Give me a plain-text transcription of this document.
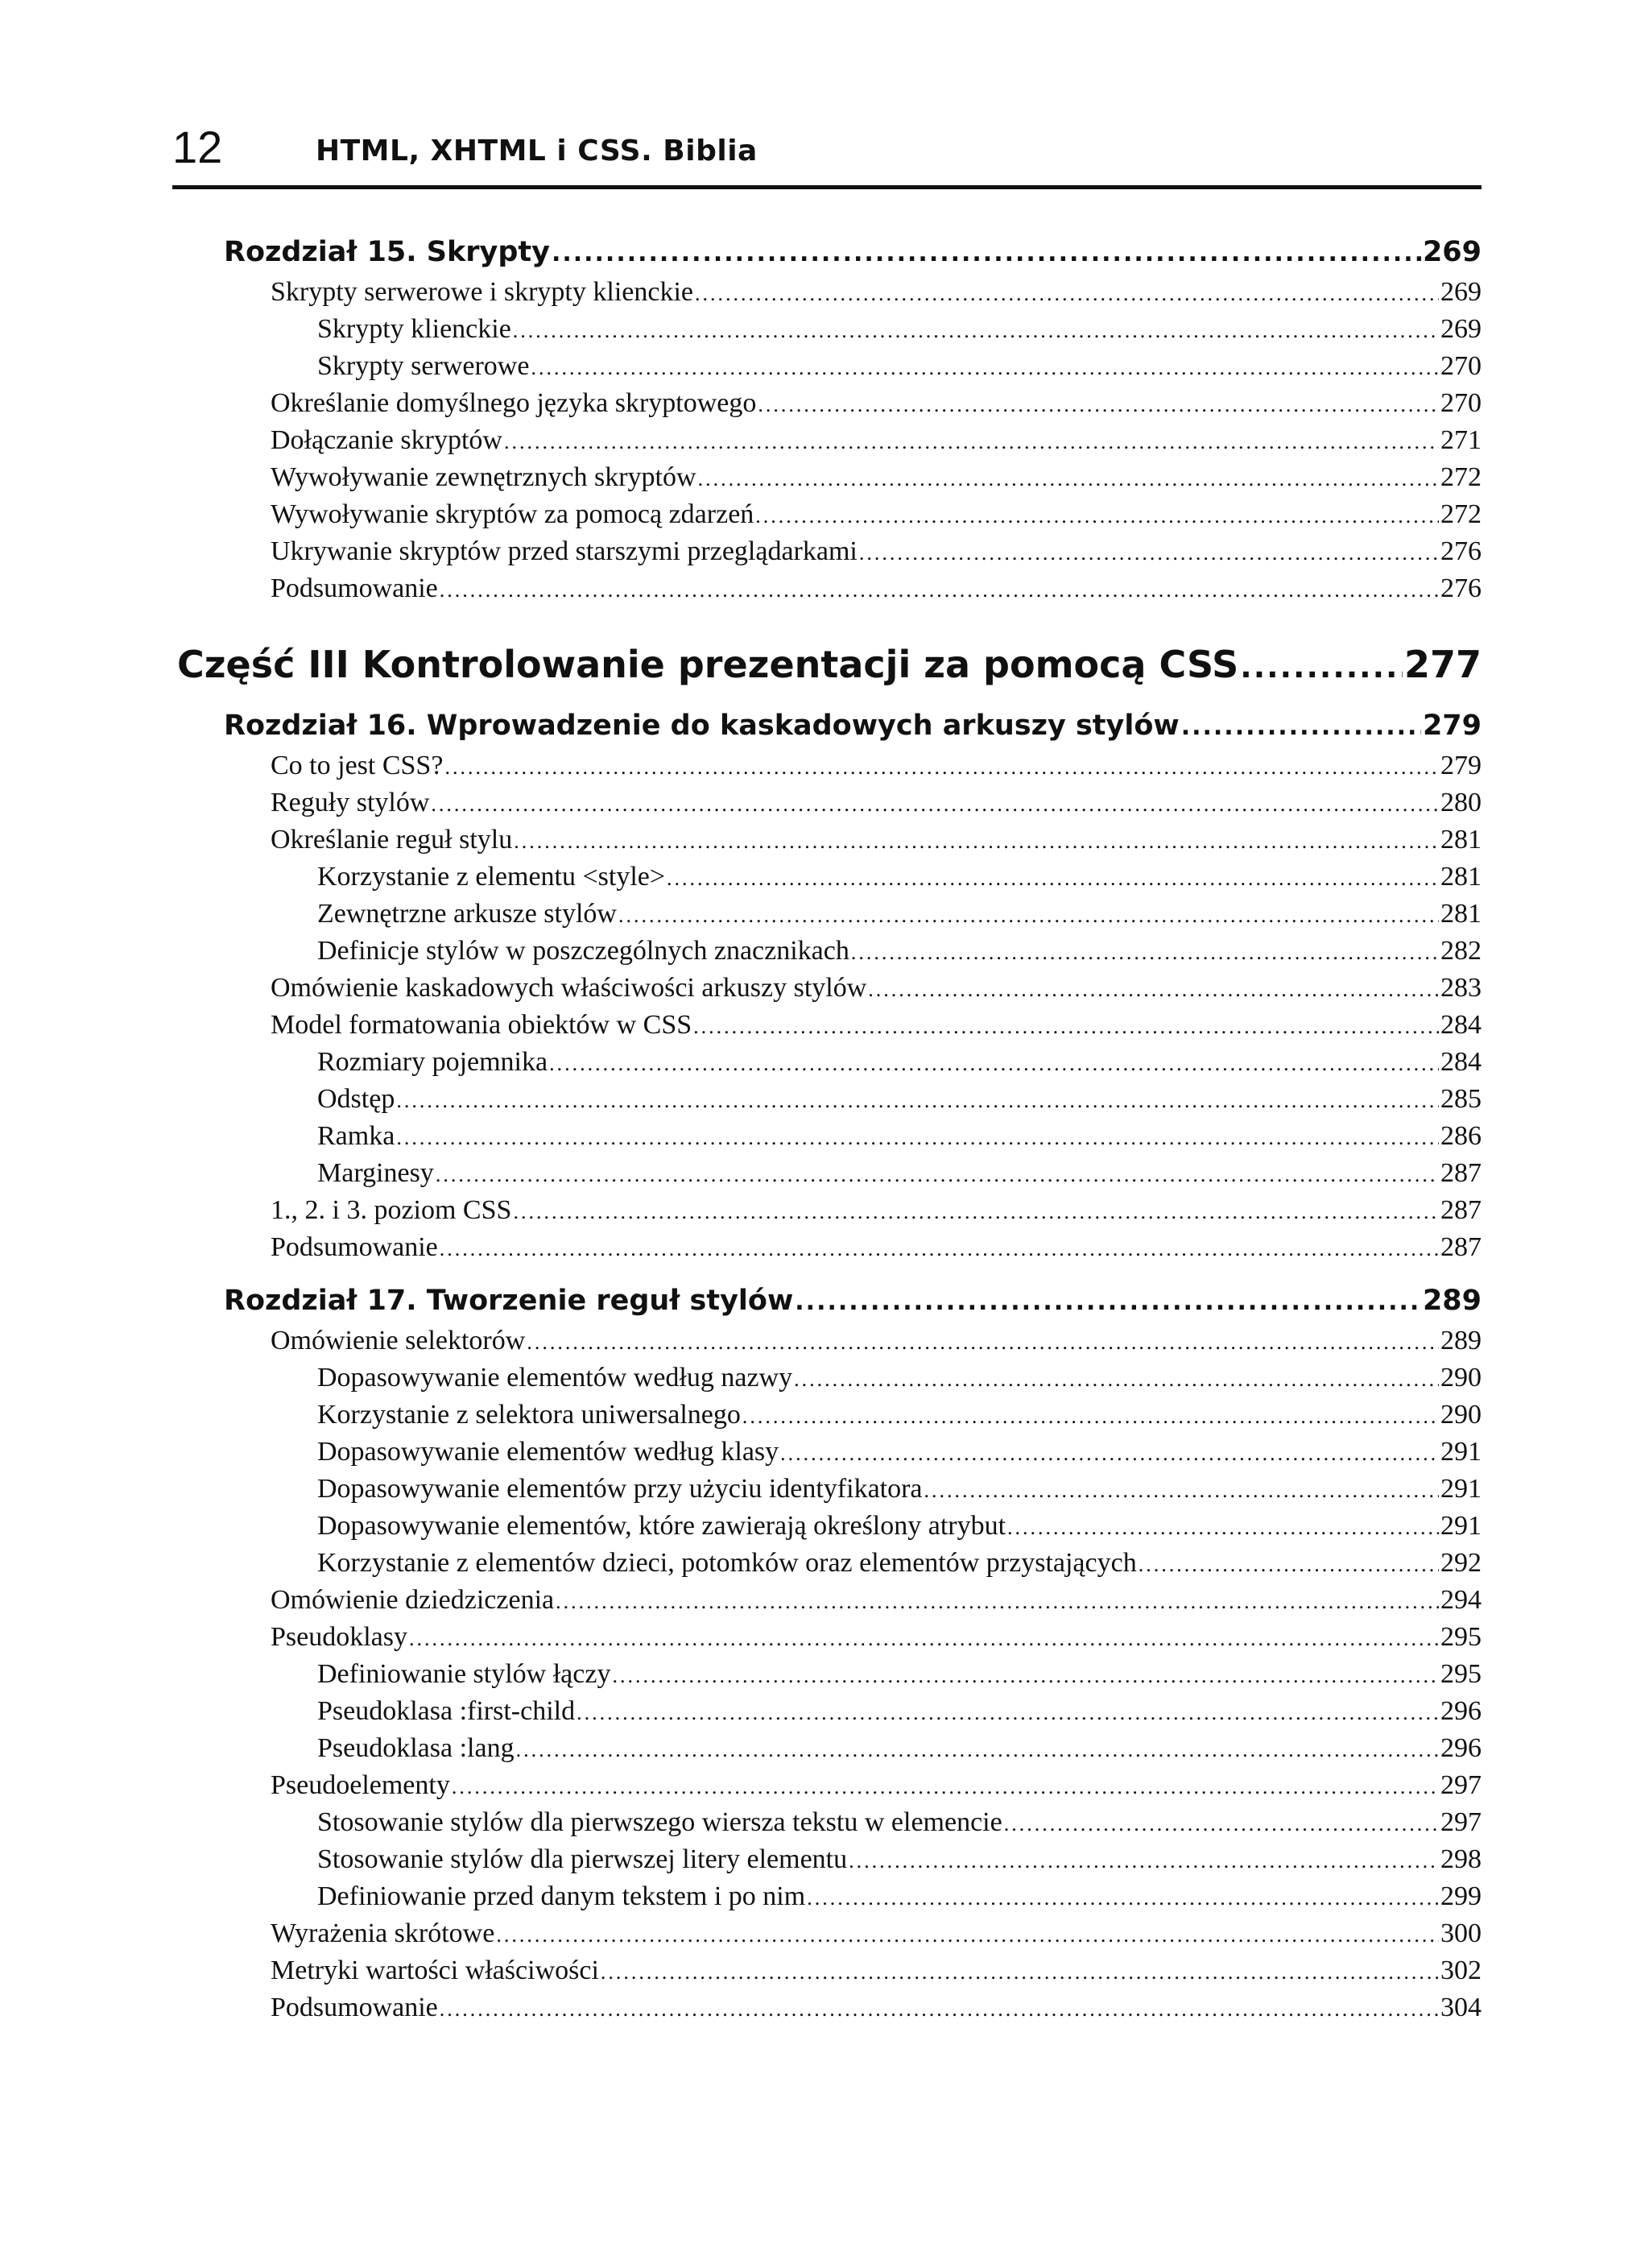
12	HTML, XHTML i CSS. Biblia
Rozdział 15. Skrypty .....	269
Skrypty serwerowe i skrypty klienckie .....	269
Skrypty klienckie .....	269
Skrypty serwerowe .....	270
Określanie domyślnego języka skryptowego .....	270
Dołączanie skryptów .....	271
Wywoływanie zewnętrznych skryptów .....	272
Wywoływanie skryptów za pomocą zdarzeń .....	272
Ukrywanie skryptów przed starszymi przeglądarkami .....	276
Podsumowanie .....	276
Część III Kontrolowanie prezentacji za pomocą CSS .....	277
Rozdział 16. Wprowadzenie do kaskadowych arkuszy stylów .....	279
Co to jest CSS? .....	279
Reguły stylów .....	280
Określanie reguł stylu .....	281
Korzystanie z elementu <style> .....	281
Zewnętrzne arkusze stylów .....	281
Definicje stylów w poszczególnych znacznikach .....	282
Omówienie kaskadowych właściwości arkuszy stylów .....	283
Model formatowania obiektów w CSS .....	284
Rozmiary pojemnika .....	284
Odstęp .....	285
Ramka .....	286
Marginesy .....	287
1., 2. i 3. poziom CSS .....	287
Podsumowanie .....	287
Rozdział 17. Tworzenie reguł stylów .....	289
Omówienie selektorów .....	289
Dopasowywanie elementów według nazwy .....	290
Korzystanie z selektora uniwersalnego .....	290
Dopasowywanie elementów według klasy .....	291
Dopasowywanie elementów przy użyciu identyfikatora .....	291
Dopasowywanie elementów, które zawierają określony atrybut .....	291
Korzystanie z elementów dzieci, potomków oraz elementów przystających .....	292
Omówienie dziedziczenia .....	294
Pseudoklasy .....	295
Definiowanie stylów łączy .....	295
Pseudoklasa :first-child .....	296
Pseudoklasa :lang .....	296
Pseudoelementy .....	297
Stosowanie stylów dla pierwszego wiersza tekstu w elemencie .....	297
Stosowanie stylów dla pierwszej litery elementu .....	298
Definiowanie przed danym tekstem i po nim .....	299
Wyrażenia skrótowe .....	300
Metryki wartości właściwości .....	302
Podsumowanie .....	304
